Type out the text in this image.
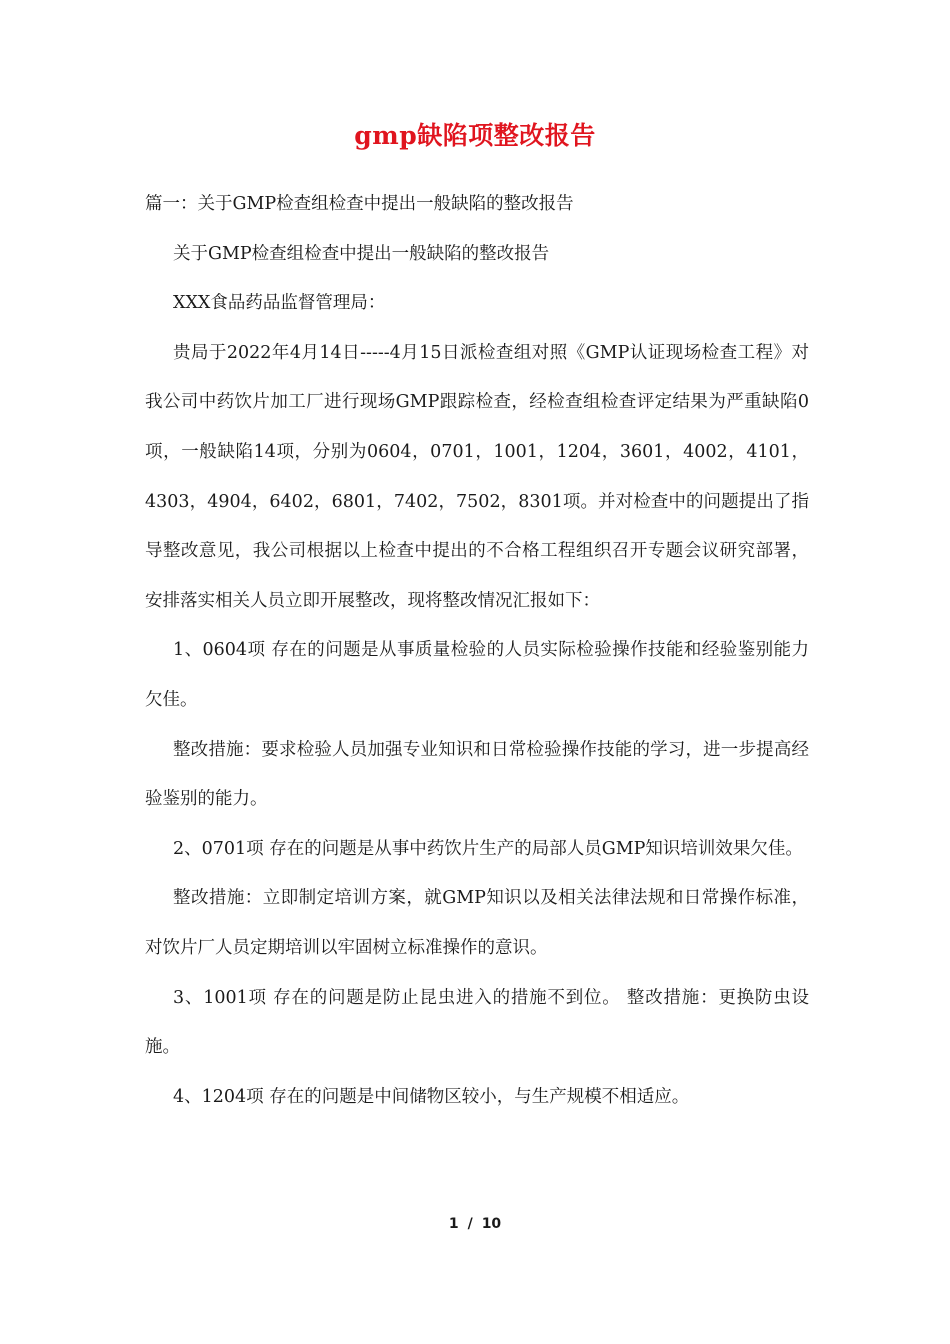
gmp缺陷项整改报告

篇一：关于GMP检查组检查中提出一般缺陷的整改报告

关于GMP检查组检查中提出一般缺陷的整改报告

XXX食品药品监督管理局：

贵局于2022年4月14日-----4月15日派检查组对照《GMP认证现场检查工程》对我公司中药饮片加工厂进行现场GMP跟踪检查，经检查组检查评定结果为严重缺陷0项，一般缺陷14项，分别为0604，0701，1001，1204，3601，4002，4101，4303，4904，6402，6801，7402，7502，8301项。并对检查中的问题提出了指导整改意见，我公司根据以上检查中提出的不合格工程组织召开专题会议研究部署，安排落实相关人员立即开展整改，现将整改情况汇报如下：

1、0604项 存在的问题是从事质量检验的人员实际检验操作技能和经验鉴别能力欠佳。

整改措施：要求检验人员加强专业知识和日常检验操作技能的学习，进一步提高经验鉴别的能力。

2、0701项 存在的问题是从事中药饮片生产的局部人员GMP知识培训效果欠佳。

整改措施：立即制定培训方案，就GMP知识以及相关法律法规和日常操作标准，对饮片厂人员定期培训以牢固树立标准操作的意识。

3、1001项 存在的问题是防止昆虫进入的措施不到位。 整改措施：更换防虫设施。

4、1204项 存在的问题是中间储物区较小，与生产规模不相适应。

1 / 10
